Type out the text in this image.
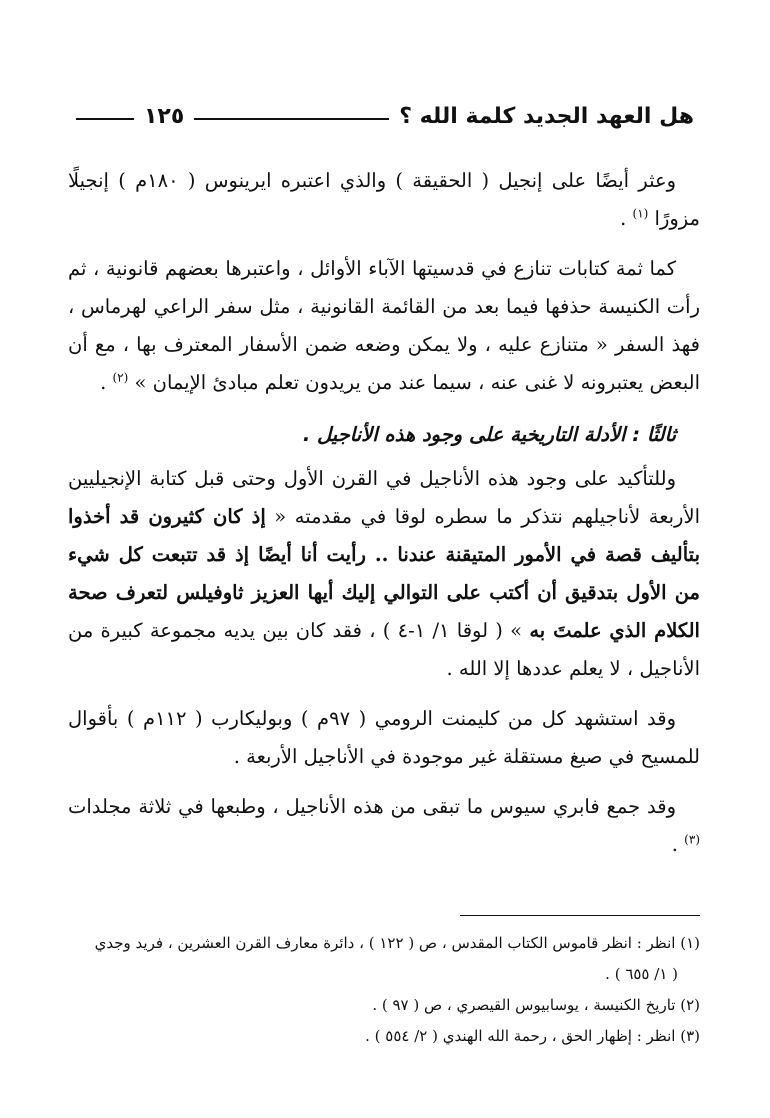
هل العهد الجديد كلمة الله ؟
١٢٥

وعثر أيضًا على إنجيل ( الحقيقة ) والذي اعتبره ايرينوس ( ١٨٠م ) إنجيلًا مزورًا $^{(١)}$ .

كما ثمة كتابات تنازع في قدسيتها الآباء الأوائل ، واعتبرها بعضهم قانونية ، ثم رأت الكنيسة حذفها فيما بعد من القائمة القانونية ، مثل سفر الراعي لهرماس ، فهذ السفر « متنازع عليه ، ولا يمكن وضعه ضمن الأسفار المعترف بها ، مع أن البعض يعتبرونه لا غنى عنه ، سيما عند من يريدون تعلم مبادئ الإيمان » $^{(٢)}$ .

ثالثًا : الأدلة التاريخية على وجود هذه الأناجيل .

وللتأكيد على وجود هذه الأناجيل في القرن الأول وحتى قبل كتابة الإنجيليين الأربعة لأناجيلهم نتذكر ما سطره لوقا في مقدمته « إذ كان كثيرون قد أخذوا بتأليف قصة في الأمور المتيقنة عندنا .. رأيت أنا أيضًا إذ قد تتبعت كل شيء من الأول بتدقيق أن أكتب على التوالي إليك أيها العزيز ثاوفيلس لتعرف صحة الكلام الذي علمتَ به » ( لوقا ١/ ١-٤ ) ، فقد كان بين يديه مجموعة كبيرة من الأناجيل ، لا يعلم عددها إلا الله .

وقد استشهد كل من كليمنت الرومي ( ٩٧م ) وبوليكارب ( ١١٢م ) بأقوال للمسيح في صيغ مستقلة غير موجودة في الأناجيل الأربعة .

وقد جمع فابري سيوس ما تبقى من هذه الأناجيل ، وطبعها في ثلاثة مجلدات $^{(٣)}$ .

(١) انظر : انظر قاموس الكتاب المقدس ، ص ( ١٢٢ ) ، دائرة معارف القرن العشرين ، فريد وجدي

( ١/ ٦٥٥ ) .

(٢) تاريخ الكنيسة ، يوسابيوس القيصري ، ص ( ٩٧ ) .

(٣) انظر : إظهار الحق ، رحمة الله الهندي ( ٢/ ٥٥٤ ) .
